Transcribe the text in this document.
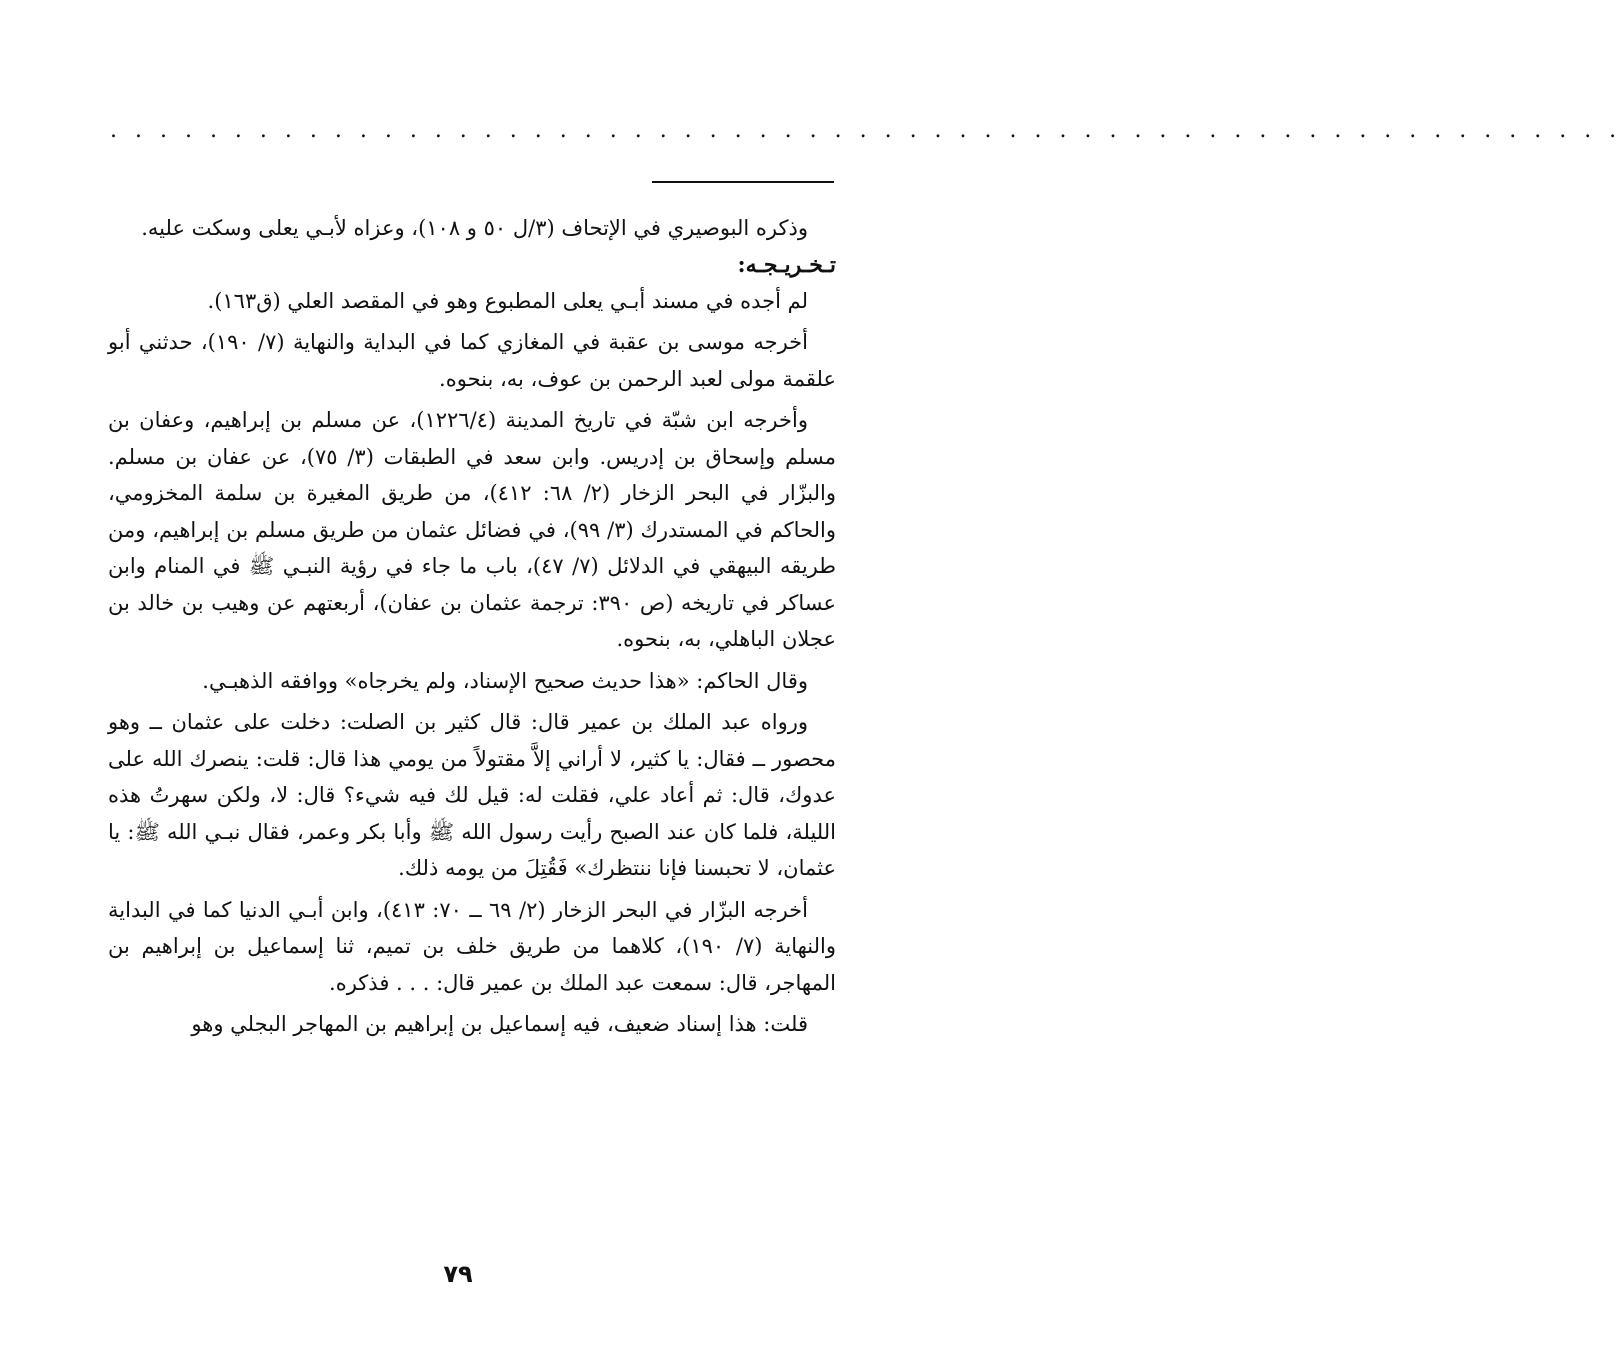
. . . . . . . . . . . . . . . . . . . . . . . . . . . . . . . . . . . . . . . . . . . . . . . . . . . . . . . . . . . . .

وذكره البوصيري في الإتحاف (٣/ل ٥٠ و ١٠٨)، وعزاه لأبـي يعلى وسكت عليه.

تـخـريـجـه:

لم أجده في مسند أبـي يعلى المطبوع وهو في المقصد العلي (ق١٦٣).

أخرجه موسى بن عقبة في المغازي كما في البداية والنهاية (٧/ ١٩٠)، حدثني أبو علقمة مولى لعبد الرحمن بن عوف، به، بنحوه.

وأخرجه ابن شبّة في تاريخ المدينة (١٢٢٦/٤)، عن مسلم بن إبراهيم، وعفان بن مسلم وإسحاق بن إدريس. وابن سعد في الطبقات (٣/ ٧٥)، عن عفان بن مسلم. والبزّار في البحر الزخار (٢/ ٦٨: ٤١٢)، من طريق المغيرة بن سلمة المخزومي، والحاكم في المستدرك (٣/ ٩٩)، في فضائل عثمان من طريق مسلم بن إبراهيم، ومن طريقه البيهقي في الدلائل (٧/ ٤٧)، باب ما جاء في رؤية النبـي ﷺ في المنام وابن عساكر في تاريخه (ص ٣٩٠: ترجمة عثمان بن عفان)، أربعتهم عن وهيب بن خالد بن عجلان الباهلي، به، بنحوه.

وقال الحاكم: «هذا حديث صحيح الإسناد، ولم يخرجاه» ووافقه الذهبـي.

ورواه عبد الملك بن عمير قال: قال كثير بن الصلت: دخلت على عثمان ــ وهو محصور ــ فقال: يا كثير، لا أراني إلاَّ مقتولاً من يومي هذا قال: قلت: ينصرك الله على عدوك، قال: ثم أعاد علي، فقلت له: قيل لك فيه شيء؟ قال: لا، ولكن سهرتُ هذه الليلة، فلما كان عند الصبح رأيت رسول الله ﷺ وأبا بكر وعمر، فقال نبـي الله ﷺ: يا عثمان، لا تحبسنا فإنا ننتظرك» فَقُتِلَ من يومه ذلك.

أخرجه البزّار في البحر الزخار (٢/ ٦٩ ــ ٧٠: ٤١٣)، وابن أبـي الدنيا كما في البداية والنهاية (٧/ ١٩٠)، كلاهما من طريق خلف بن تميم، ثنا إسماعيل بن إبراهيم بن المهاجر، قال: سمعت عبد الملك بن عمير قال: . . . فذكره.

قلت: هذا إسناد ضعيف، فيه إسماعيل بن إبراهيم بن المهاجر البجلي وهو

٧٩
